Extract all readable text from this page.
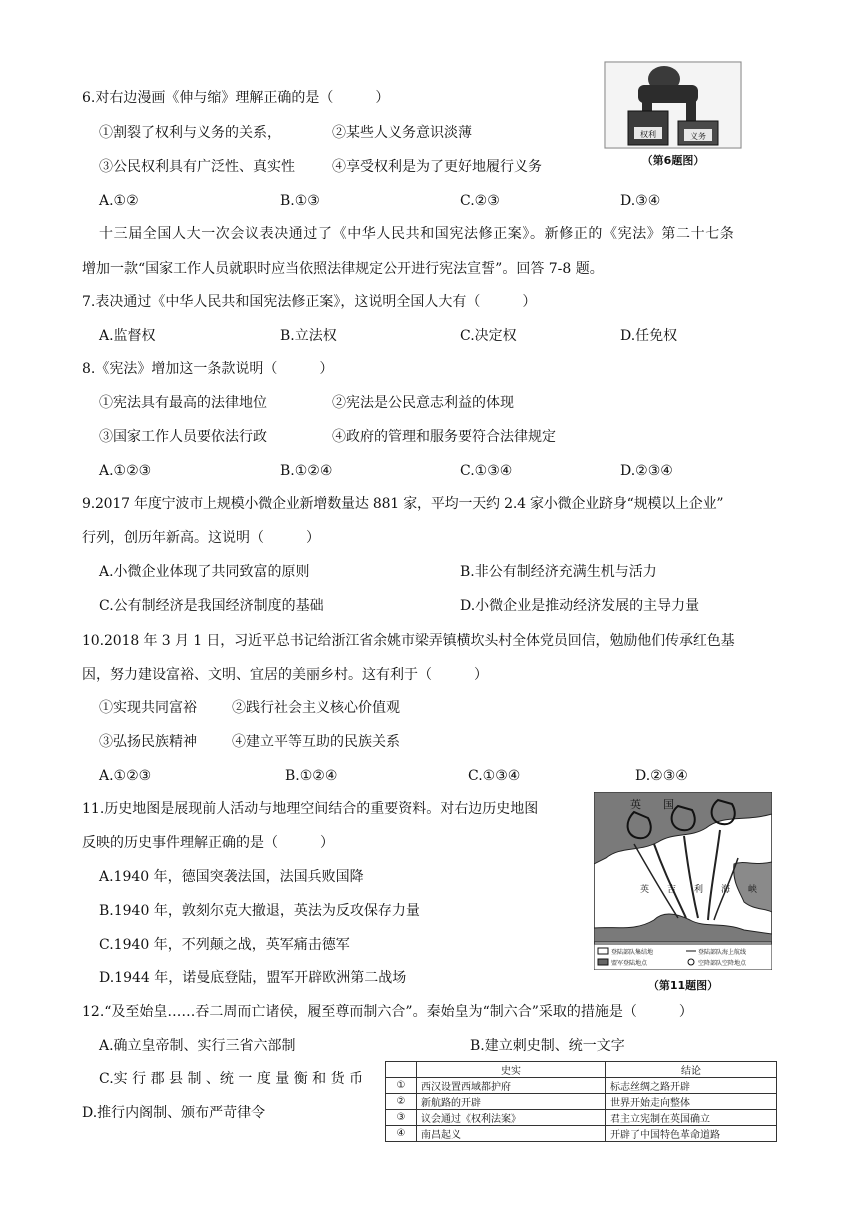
6.对右边漫画《伸与缩》理解正确的是（　　　）
①割裂了权利与义务的关系，	②某些人义务意识淡薄
③公民权利具有广泛性、真实性	④享受权利是为了更好地履行义务
A.①②	B.①③	C.②③	D.③④
权利	义务
（第6题图）
十三届全国人大一次会议表决通过了《中华人民共和国宪法修正案》。新修正的《宪法》第二十七条
增加一款“国家工作人员就职时应当依照法律规定公开进行宪法宣誓”。回答 7-8 题。
7.表决通过《中华人民共和国宪法修正案》，这说明全国人大有（　　　）
A.监督权	B.立法权	C.决定权	D.任免权
8.《宪法》增加这一条款说明（　　　）
①宪法具有最高的法律地位	②宪法是公民意志利益的体现
③国家工作人员要依法行政	④政府的管理和服务要符合法律规定
A.①②③	B.①②④	C.①③④	D.②③④
9.2017 年度宁波市上规模小微企业新增数量达 881 家，平均一天约 2.4 家小微企业跻身“规模以上企业”
行列，创历年新高。这说明（　　　）
A.小微企业体现了共同致富的原则	B.非公有制经济充满生机与活力
C.公有制经济是我国经济制度的基础	D.小微企业是推动经济发展的主导力量
10.2018 年 3 月 1 日，习近平总书记给浙江省余姚市梁弄镇横坎头村全体党员回信，勉励他们传承红色基
因，努力建设富裕、文明、宜居的美丽乡村。这有利于（　　　）
①实现共同富裕	②践行社会主义核心价值观
③弘扬民族精神	④建立平等互助的民族关系
A.①②③	B.①②④	C.①③④	D.②③④
11.历史地图是展现前人活动与地理空间结合的重要资料。对右边历史地图
反映的历史事件理解正确的是（　　　）
A.1940 年，德国突袭法国，法国兵败国降
B.1940 年，敦刻尔克大撤退，英法为反攻保存力量
C.1940 年，不列颠之战，英军痛击德军
D.1944 年，诺曼底登陆，盟军开辟欧洲第二战场
英　　国
英　　吉　　利　　海　　峡
登陆部队集结地	登陆部队海上航线
盟军登陆地点	空降部队空降地点
（第11题图）
12.“及至始皇……吞二周而亡诸侯，履至尊而制六合”。秦始皇为“制六合”采取的措施是（　　　）
A.确立皇帝制、实行三省六部制	B.建立刺史制、统一文字
C.实 行 郡 县 制 、统 一 度 量 衡 和 货 币
D.推行内阁制、颁布严苛律令
	史实	结论
①	西汉设置西域都护府	标志丝绸之路开辟
②	新航路的开辟	世界开始走向整体
③	议会通过《权利法案》	君主立宪制在英国确立
④	南昌起义	开辟了中国特色革命道路
